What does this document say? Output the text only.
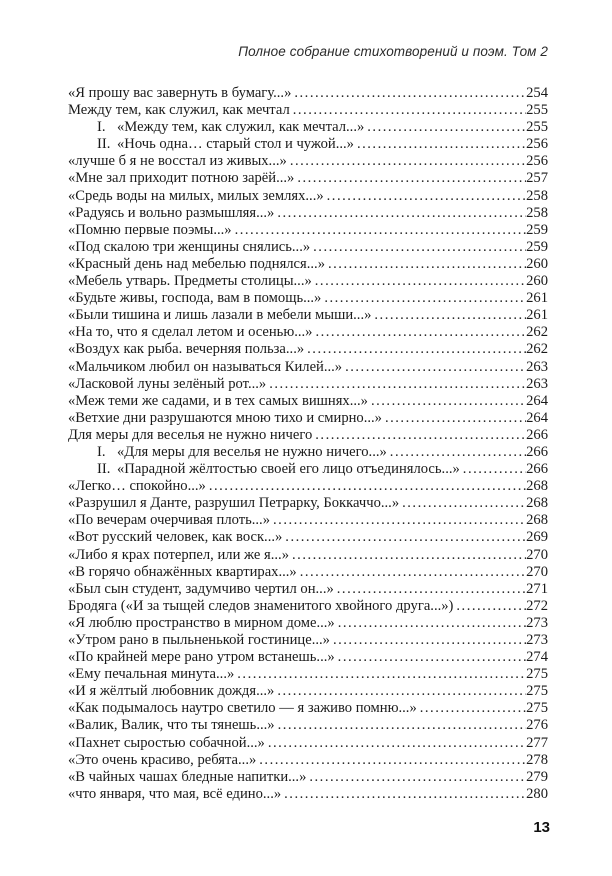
Полное собрание стихотворений и поэм. Том 2
«Я прошу вас завернуть в бумагу...» .....	254
Между тем, как служил, как мечтал .....	255
I. «Между тем, как служил, как мечтал...» .....	255
II. «Ночь одна… старый стол и чужой...» .....	256
«лучше б я не восстал из живых...» .....	256
«Мне зал приходит потною зарёй...» .....	257
«Средь воды на милых, милых землях...» .....	258
«Радуясь и вольно размышляя...» .....	258
«Помню первые поэмы...» .....	259
«Под скалою три женщины снялись...» .....	259
«Красный день над мебелью поднялся...» .....	260
«Мебель утварь. Предметы столицы...» .....	260
«Будьте живы, господа, вам в помощь...» .....	261
«Были тишина и лишь лазали в мебели мыши...» .....	261
«На то, что я сделал летом и осенью...» .....	262
«Воздух как рыба. вечерняя польза...» .....	262
«Мальчиком любил он называться Килей...» .....	263
«Ласковой луны зелёный рот...» .....	263
«Меж теми же садами, и в тех самых вишнях...» .....	264
«Ветхие дни разрушаются мною тихо и смирно...» .....	264
Для меры для веселья не нужно ничего .....	266
I. «Для меры для веселья не нужно ничего...» .....	266
II. «Парадной жёлтостью своей его лицо отъединялось...» .....	266
«Легко… спокойно...» .....	268
«Разрушил я Данте, разрушил Петрарку, Боккаччо...» .....	268
«По вечерам очерчивая плоть...» .....	268
«Вот русский человек, как воск...» .....	269
«Либо я крах потерпел, или же я...» .....	270
«В горячо обнажённых квартирах...» .....	270
«Был сын студент, задумчиво чертил он...» .....	271
Бродяга («И за тыщей следов знаменитого хвойного друга...») .....	272
«Я люблю пространство в мирном доме...» .....	273
«Утром рано в пыльненькой гостинице...» .....	273
«По крайней мере рано утром встанешь...» .....	274
«Ему печальная минута...» .....	275
«И я жёлтый любовник дождя...» .....	275
«Как подымалось наутро светило — я заживо помню...» .....	275
«Валик, Валик, что ты тянешь...» .....	276
«Пахнет сыростью собачной...» .....	277
«Это очень красиво, ребята...» .....	278
«В чайных чашах бледные напитки...» .....	279
«что января, что мая, всё едино...» .....	280
13
